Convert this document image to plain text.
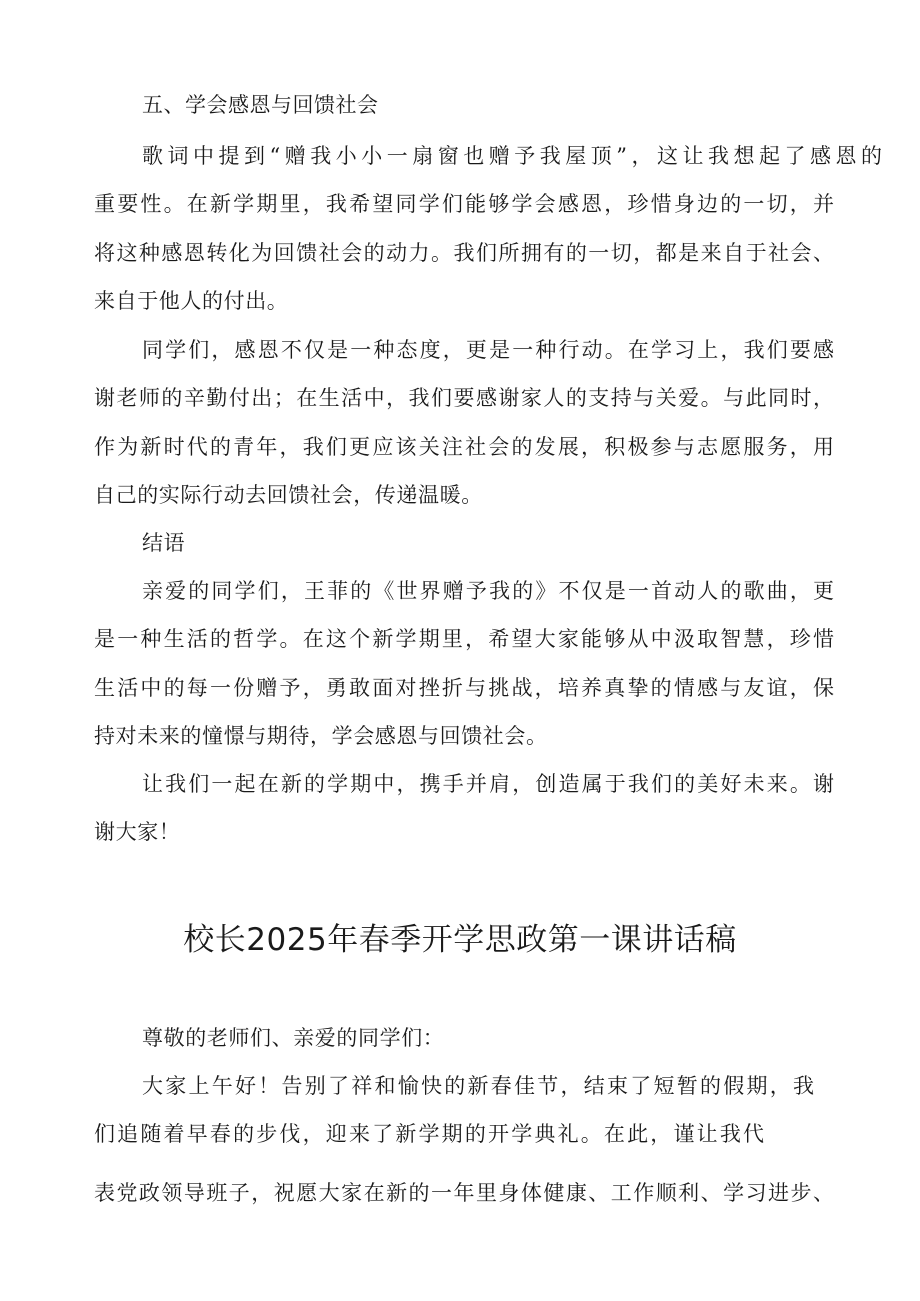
五、学会感恩与回馈社会
歌词中提到“赠我小小一扇窗也赠予我屋顶”，这让我想起了感恩的
重要性。在新学期里，我希望同学们能够学会感恩，珍惜身边的一切，并
将这种感恩转化为回馈社会的动力。我们所拥有的一切，都是来自于社会、
来自于他人的付出。
同学们，感恩不仅是一种态度，更是一种行动。在学习上，我们要感
谢老师的辛勤付出；在生活中，我们要感谢家人的支持与关爱。与此同时，
作为新时代的青年，我们更应该关注社会的发展，积极参与志愿服务，用
自己的实际行动去回馈社会，传递温暖。
结语
亲爱的同学们，王菲的《世界赠予我的》不仅是一首动人的歌曲，更
是一种生活的哲学。在这个新学期里，希望大家能够从中汲取智慧，珍惜
生活中的每一份赠予，勇敢面对挫折与挑战，培养真挚的情感与友谊，保
持对未来的憧憬与期待，学会感恩与回馈社会。
让我们一起在新的学期中，携手并肩，创造属于我们的美好未来。谢
谢大家！
校长2025年春季开学思政第一课讲话稿
尊敬的老师们、亲爱的同学们：
大家上午好！告别了祥和愉快的新春佳节，结束了短暂的假期，我
们追随着早春的步伐，迎来了新学期的开学典礼。在此，谨让我代
表党政领导班子，祝愿大家在新的一年里身体健康、工作顺利、学习进步、
